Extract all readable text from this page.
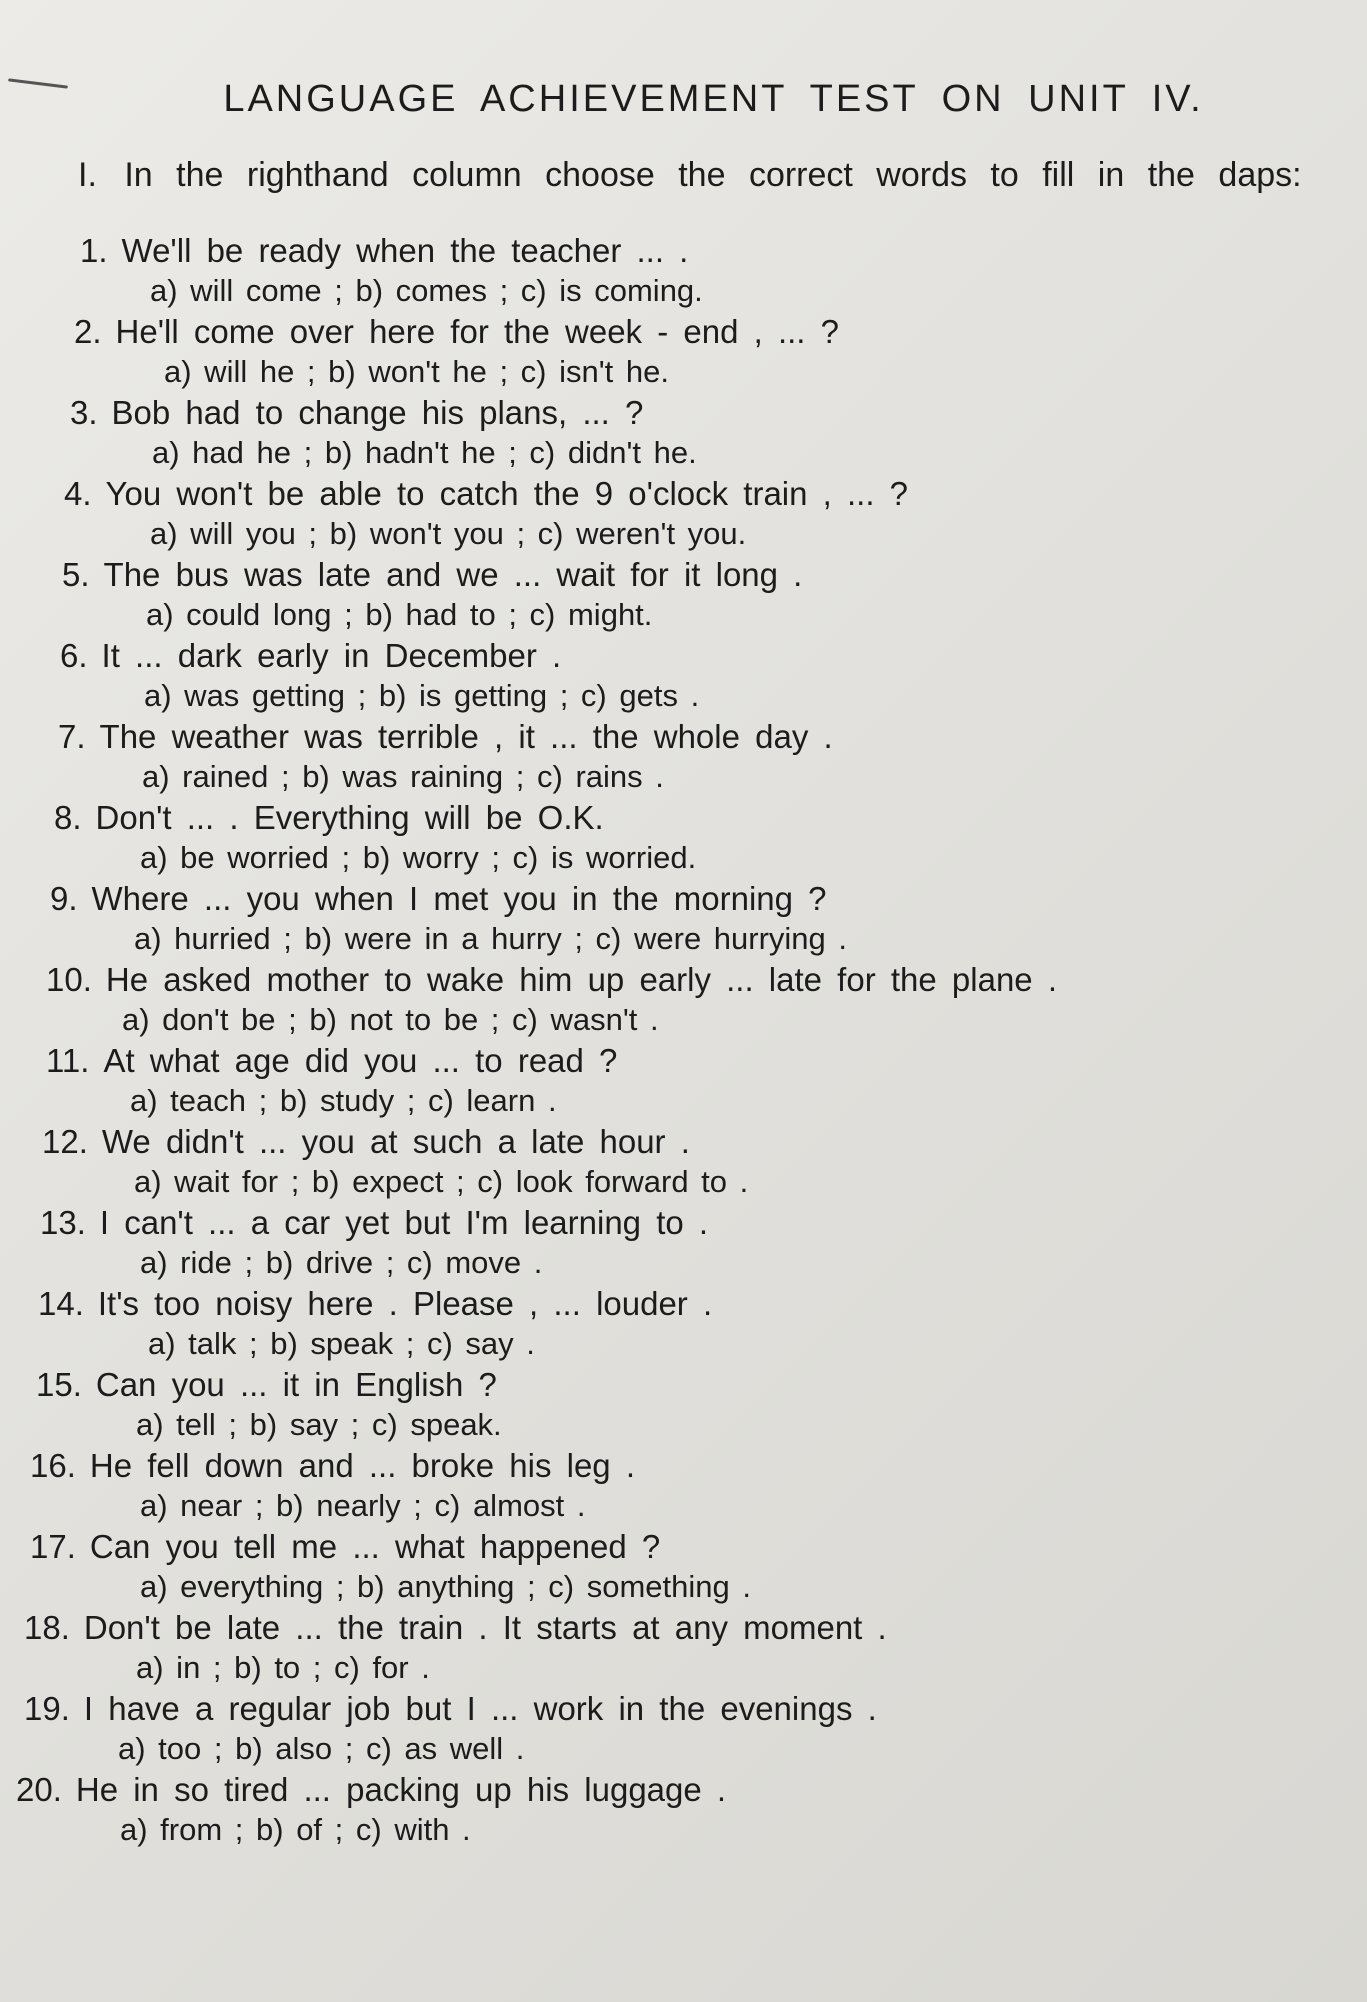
LANGUAGE ACHIEVEMENT TEST ON UNIT IV.
I. In the righthand column choose the correct words to fill in the daps:
1. We'll be ready when the teacher ... .
a) will come ; b) comes ; c) is coming.
2. He'll come over here for the week - end , ... ?
a) will he ; b) won't he ; c) isn't he.
3. Bob had to change his plans, ... ?
a) had he ; b) hadn't he ; c) didn't he.
4. You won't be able to catch the 9 o'clock train , ... ?
a) will you ; b) won't you ; c) weren't you.
5. The bus was late and we ... wait for it long .
a) could long ; b) had to ; c) might.
6. It ... dark early in December .
a) was getting ; b) is getting ; c) gets .
7. The weather was terrible , it ... the whole day .
a) rained ; b) was raining ; c) rains .
8. Don't ... . Everything will be O.K.
a) be worried ; b) worry ; c) is worried.
9. Where ... you when I met you in the morning ?
a) hurried ; b) were in a hurry ; c) were hurrying .
10. He asked mother to wake him up early ... late for the plane .
a) don't be ; b) not to be ; c) wasn't .
11. At what age did you ... to read ?
a) teach ; b) study ; c) learn .
12. We didn't ... you at such a late hour .
a) wait for ; b) expect ; c) look forward to .
13. I can't ... a car yet but I'm learning to .
a) ride ; b) drive ; c) move .
14. It's too noisy here . Please , ... louder .
a) talk ; b) speak ; c) say .
15. Can you ... it in English ?
a) tell ; b) say ; c) speak.
16. He fell down and ... broke his leg .
a) near ; b) nearly ; c) almost .
17. Can you tell me ... what happened ?
a) everything ; b) anything ; c) something .
18. Don't be late ... the train . It starts at any moment .
a) in ; b) to ; c) for .
19. I have a regular job but I ... work in the evenings .
a) too ; b) also ; c) as well .
20. He in so tired ... packing up his luggage .
a) from ; b) of ; c) with .
